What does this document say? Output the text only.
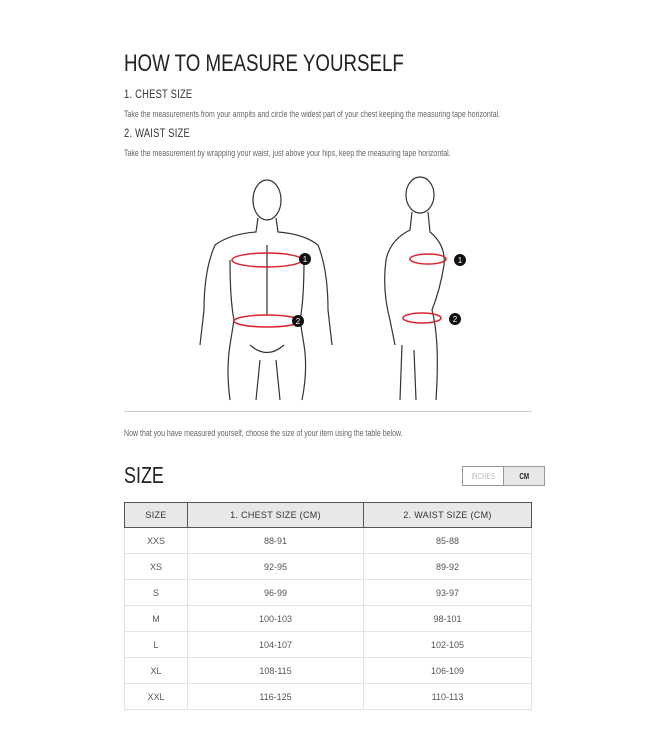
HOW TO MEASURE YOURSELF
1. CHEST SIZE
Take the measurements from your armpits and circle the widest part of your chest keeping the measuring tape horizontal.
2. WAIST SIZE
Take the measurement by wrapping your waist, just above your hips, keep the measuring tape horizontal.
1
2
1
2
Now that you have measured yourself, choose the size of your item using the table below.
SIZE	INCHES	CM
SIZE	1. CHEST SIZE (CM)	2. WAIST SIZE (CM)
XXS	88-91	85-88
XS	92-95	89-92
S	96-99	93-97
M	100-103	98-101
L	104-107	102-105
XL	108-115	106-109
XXL	116-125	110-113
